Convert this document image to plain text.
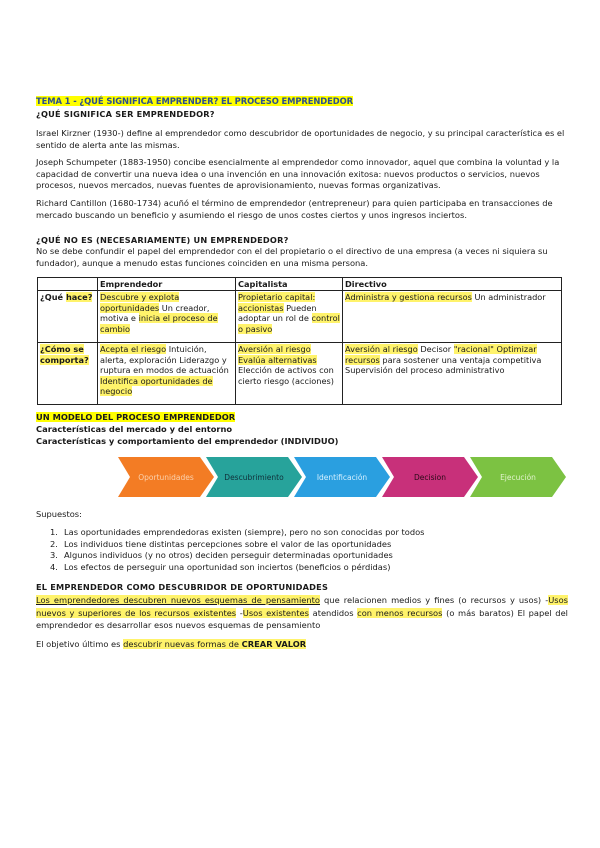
TEMA 1 - ¿QUÉ SIGNIFICA EMPRENDER? EL PROCESO EMPRENDEDOR
¿QUÉ SIGNIFICA SER EMPRENDEDOR?
Israel Kirzner (1930-) define al emprendedor como descubridor de oportunidades de negocio, y su principal característica es el sentido de alerta ante las mismas.
Joseph Schumpeter (1883-1950) concibe esencialmente al emprendedor como innovador, aquel que combina la voluntad y la capacidad de convertir una nueva idea o una invención en una innovación exitosa: nuevos productos o servicios, nuevos procesos, nuevos mercados, nuevas fuentes de aprovisionamiento, nuevas formas organizativas.
Richard Cantillon (1680-1734) acuñó el término de emprendedor (entrepreneur) para quien participaba en transacciones de mercado buscando un beneficio y asumiendo el riesgo de unos costes ciertos y unos ingresos inciertos.
¿QUÉ NO ES (NECESARIAMENTE) UN EMPRENDEDOR?
No se debe confundir el papel del emprendedor con el del propietario o el directivo de una empresa (a veces ni siquiera su fundador), aunque a menudo estas funciones coinciden en una misma persona.
	Emprendedor	Capitalista	Directivo
¿Qué hace?	Descubre y explota oportunidades Un creador, motiva e inicia el proceso de cambio	Propietario capital: accionistas Pueden adoptar un rol de control o pasivo	Administra y gestiona recursos Un administrador
¿Cómo se comporta?	Acepta el riesgo Intuición, alerta, exploración Liderazgo y ruptura en modos de actuación Identifica oportunidades de negocio	Aversión al riesgo Evalúa alternativas Elección de activos con cierto riesgo (acciones)	Aversión al riesgo Decisor "racional" Optimizar recursos para sostener una ventaja competitiva Supervisión del proceso administrativo
UN MODELO DEL PROCESO EMPRENDEDOR
Características del mercado y del entorno
Características y comportamiento del emprendedor (INDIVIDUO)
Oportunidades	Descubrimiento	Identificación	Decision	Ejecución
Supuestos:
1. Las oportunidades emprendedoras existen (siempre), pero no son conocidas por todos
2. Los individuos tiene distintas percepciones sobre el valor de las oportunidades
3. Algunos individuos (y no otros) deciden perseguir determinadas oportunidades
4. Los efectos de perseguir una oportunidad son inciertos (beneficios o pérdidas)
EL EMPRENDEDOR COMO DESCUBRIDOR DE OPORTUNIDADES
Los emprendedores descubren nuevos esquemas de pensamiento que relacionen medios y fines (o recursos y usos) -Usos nuevos y superiores de los recursos existentes -Usos existentes atendidos con menos recursos (o más baratos) El papel del emprendedor es desarrollar esos nuevos esquemas de pensamiento
El objetivo último es descubrir nuevas formas de CREAR VALOR
